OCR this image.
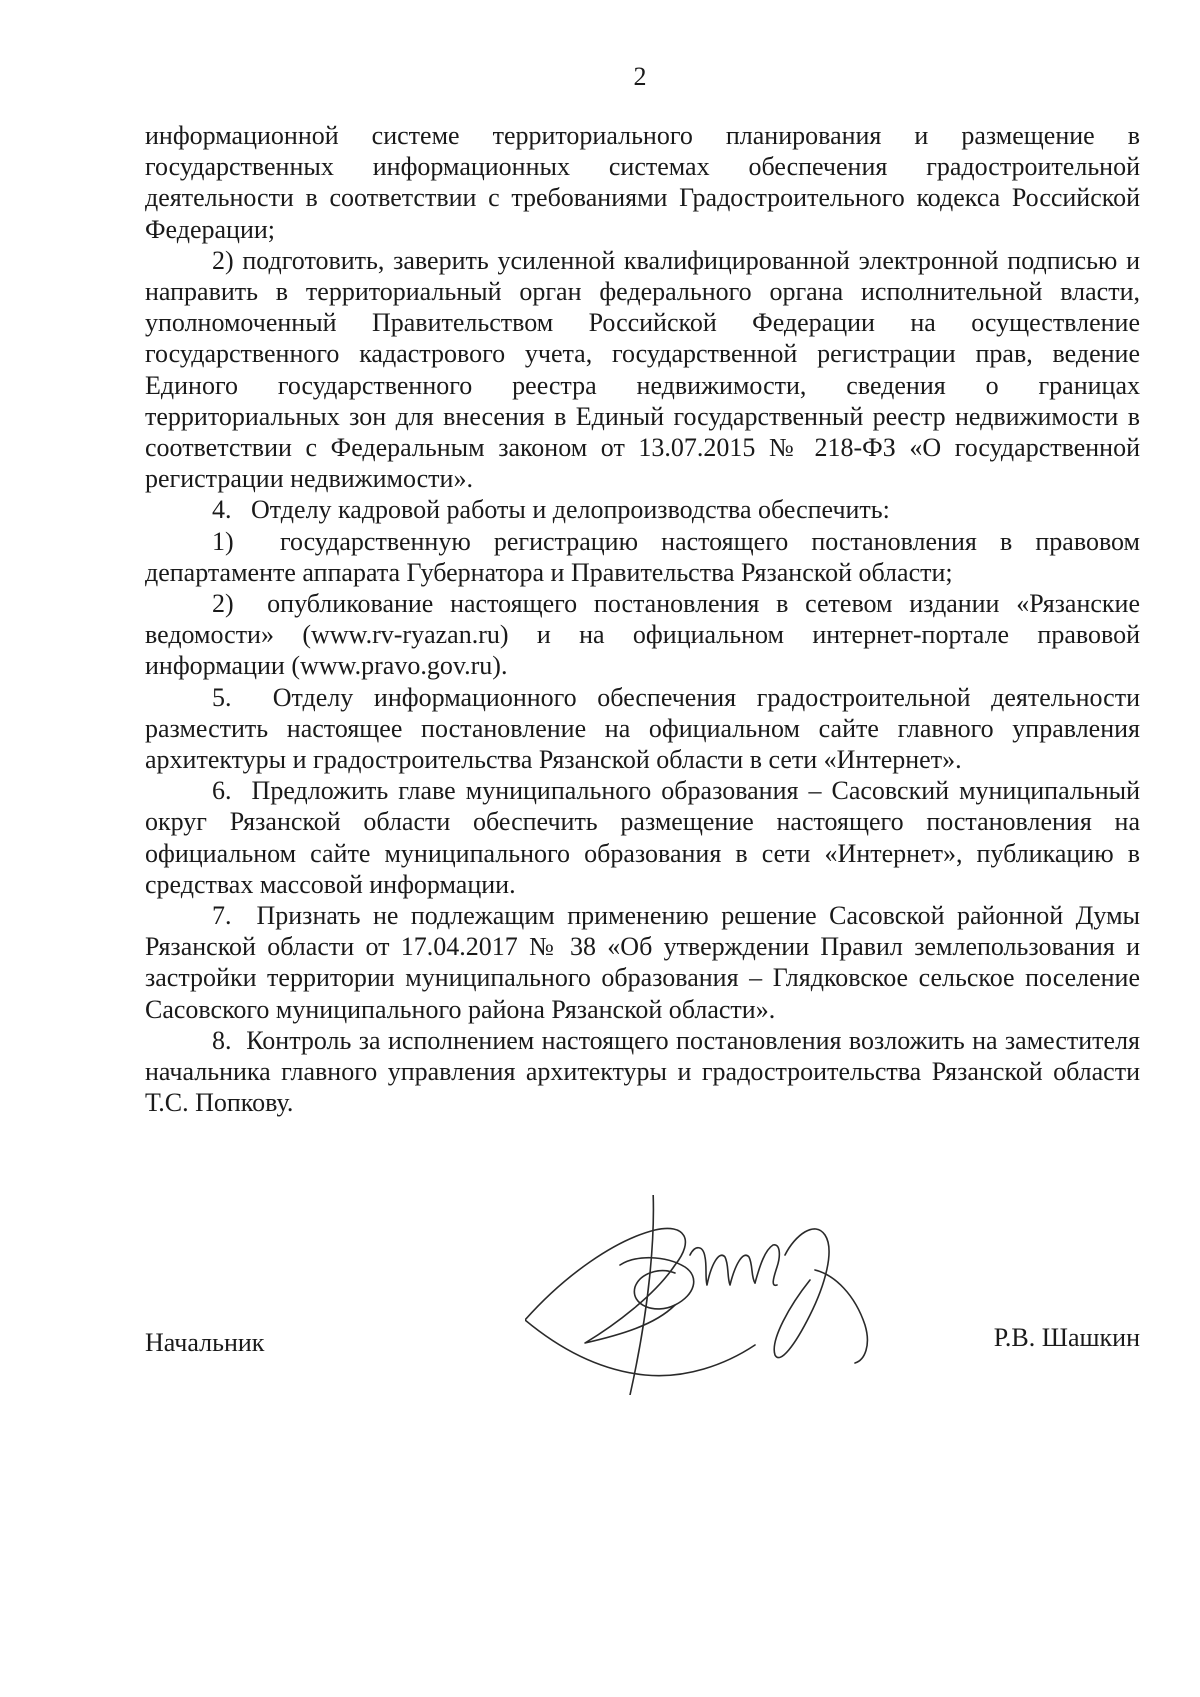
2

информационной системе территориального планирования и размещение в государственных информационных системах обеспечения градостроительной деятельности в соответствии с требованиями Градостроительного кодекса Российской Федерации;

2) подготовить, заверить усиленной квалифицированной электронной подписью и направить в территориальный орган федерального органа исполнительной власти, уполномоченный Правительством Российской Федерации на осуществление государственного кадастрового учета, государственной регистрации прав, ведение Единого государственного реестра недвижимости, сведения о границах территориальных зон для внесения в Единый государственный реестр недвижимости в соответствии с Федеральным законом от 13.07.2015 № 218-ФЗ «О государственной регистрации недвижимости».

4.   Отделу кадровой работы и делопроизводства обеспечить:

1)  государственную регистрацию настоящего постановления в правовом департаменте аппарата Губернатора и Правительства Рязанской области;

2)  опубликование настоящего постановления в сетевом издании «Рязанские ведомости» (www.rv-ryazan.ru) и на официальном интернет-портале правовой информации (www.pravo.gov.ru).

5.  Отделу информационного обеспечения градостроительной деятельности разместить настоящее постановление на официальном сайте главного управления архитектуры и градостроительства Рязанской области в сети «Интернет».

6.  Предложить главе муниципального образования – Сасовский муниципальный округ Рязанской области обеспечить размещение настоящего постановления на официальном сайте муниципального образования в сети «Интернет», публикацию в средствах массовой информации.

7.  Признать не подлежащим применению решение Сасовской районной Думы Рязанской области от 17.04.2017 № 38 «Об утверждении Правил землепользования и застройки территории муниципального образования – Глядковское сельское поселение Сасовского муниципального района Рязанской области».

8.  Контроль за исполнением настоящего постановления возложить на заместителя начальника главного управления архитектуры и градостроительства Рязанской области Т.С. Попкову.

Начальник	Р.В. Шашкин
